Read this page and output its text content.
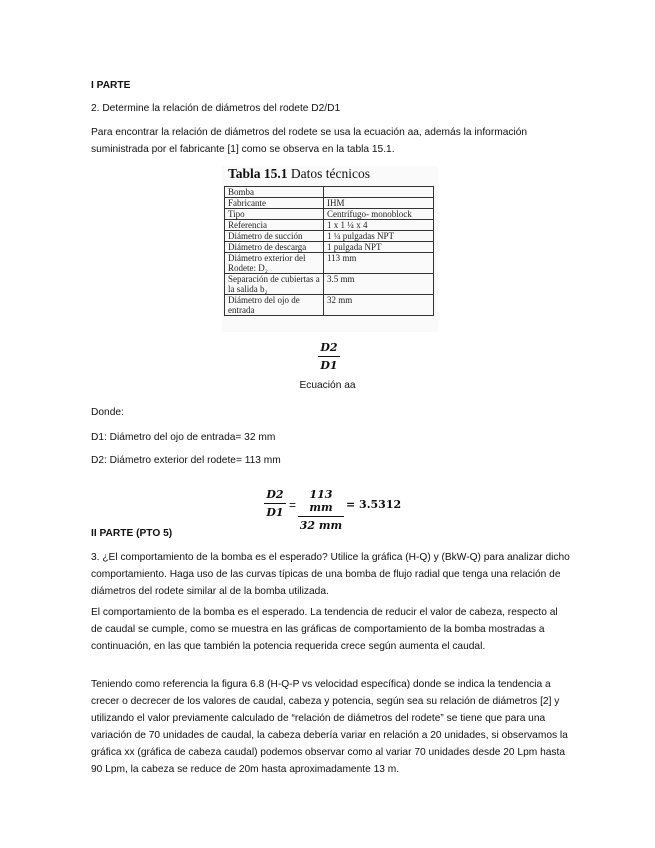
I PARTE

2. Determine la relación de diámetros del rodete D2/D1

Para encontrar la relación de diámetros del rodete se usa la ecuación aa, además la información suministrada por el fabricante [1] como se observa en la tabla 15.1.

Tabla 15.1 Datos técnicos
Bomba	
Fabricante	IHM
Tipo	Centrífugo- monoblock
Referencia	1 x 1 ¼ x 4
Diámetro de succión	1 ¼ pulgadas NPT
Diámetro de descarga	1 pulgada NPT
Diámetro exterior del Rodete: D₂	113 mm
Separación de cubiertas a la salida b₂	3.5 mm
Diámetro del ojo de entrada	32 mm
D2
D1
Ecuación aa

Donde:

D1: Diámetro del ojo de entrada= 32 mm

D2: Diámetro exterior del rodete= 113 mm

D2
D1
=
113 mm
32 mm
= 3.5312

II PARTE (PTO 5)

3. ¿El comportamiento de la bomba es el esperado? Utilice la gráfica (H-Q) y (BkW-Q) para analizar dicho comportamiento. Haga uso de las curvas típicas de una bomba de flujo radial que tenga una relación de diámetros del rodete similar al de la bomba utilizada.

El comportamiento de la bomba es el esperado. La tendencia de reducir el valor de cabeza, respecto al de caudal se cumple, como se muestra en las gráficas de comportamiento de la bomba mostradas a continuación, en las que también la potencia requerida crece según aumenta el caudal.

Teniendo como referencia la figura 6.8 (H-Q-P vs velocidad específica) donde se indica la tendencia a crecer o decrecer de los valores de caudal, cabeza y potencia, según sea su relación de diámetros [2] y utilizando el valor previamente calculado de “relación de diámetros del rodete” se tiene que para una variación de 70 unidades de caudal, la cabeza debería variar en relación a 20 unidades, si observamos la gráfica xx (gráfica de cabeza caudal) podemos observar como al variar 70 unidades desde 20 Lpm hasta 90 Lpm, la cabeza se reduce de 20m hasta aproximadamente 13 m.
